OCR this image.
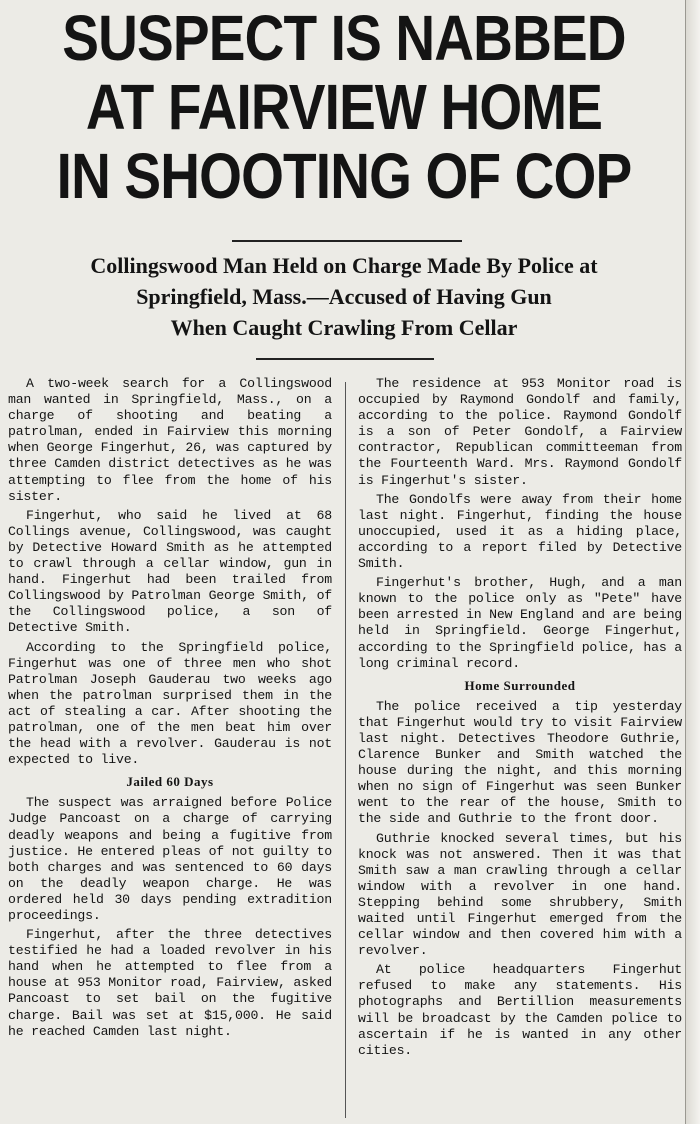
SUSPECT IS NABBED
AT FAIRVIEW HOME
IN SHOOTING OF COP
Collingswood Man Held on Charge Made By Police at
Springfield, Mass.—Accused of Having Gun
When Caught Crawling From Cellar

A two-week search for a Collingswood man wanted in Springfield, Mass., on a charge of shooting and beating a patrolman, ended in Fairview this morning when George Fingerhut, 26, was captured by three Camden district detectives as he was attempting to flee from the home of his sister.

Fingerhut, who said he lived at 68 Collings avenue, Collingswood, was caught by Detective Howard Smith as he attempted to crawl through a cellar window, gun in hand. Fingerhut had been trailed from Collingswood by Patrolman George Smith, of the Collingswood police, a son of Detective Smith.

According to the Springfield police, Fingerhut was one of three men who shot Patrolman Joseph Gauderau two weeks ago when the patrolman surprised them in the act of stealing a car. After shooting the patrolman, one of the men beat him over the head with a revolver. Gauderau is not expected to live.

Jailed 60 Days

The suspect was arraigned before Police Judge Pancoast on a charge of carrying deadly weapons and being a fugitive from justice. He entered pleas of not guilty to both charges and was sentenced to 60 days on the deadly weapon charge. He was ordered held 30 days pending extradition proceedings.

Fingerhut, after the three detectives testified he had a loaded revolver in his hand when he attempted to flee from a house at 953 Monitor road, Fairview, asked Pancoast to set bail on the fugitive charge. Bail was set at $15,000. He said he reached Camden last night.

The residence at 953 Monitor road is occupied by Raymond Gondolf and family, according to the police. Raymond Gondolf is a son of Peter Gondolf, a Fairview contractor, Republican committeeman from the Fourteenth Ward. Mrs. Raymond Gondolf is Fingerhut's sister.

The Gondolfs were away from their home last night. Fingerhut, finding the house unoccupied, used it as a hiding place, according to a report filed by Detective Smith.

Fingerhut's brother, Hugh, and a man known to the police only as "Pete" have been arrested in New England and are being held in Springfield. George Fingerhut, according to the Springfield police, has a long criminal record.

Home Surrounded

The police received a tip yesterday that Fingerhut would try to visit Fairview last night. Detectives Theodore Guthrie, Clarence Bunker and Smith watched the house during the night, and this morning when no sign of Fingerhut was seen Bunker went to the rear of the house, Smith to the side and Guthrie to the front door.

Guthrie knocked several times, but his knock was not answered. Then it was that Smith saw a man crawling through a cellar window with a revolver in one hand. Stepping behind some shrubbery, Smith waited until Fingerhut emerged from the cellar window and then covered him with a revolver.

At police headquarters Fingerhut refused to make any statements. His photographs and Bertillion measurements will be broadcast by the Camden police to ascertain if he is wanted in any other cities.
